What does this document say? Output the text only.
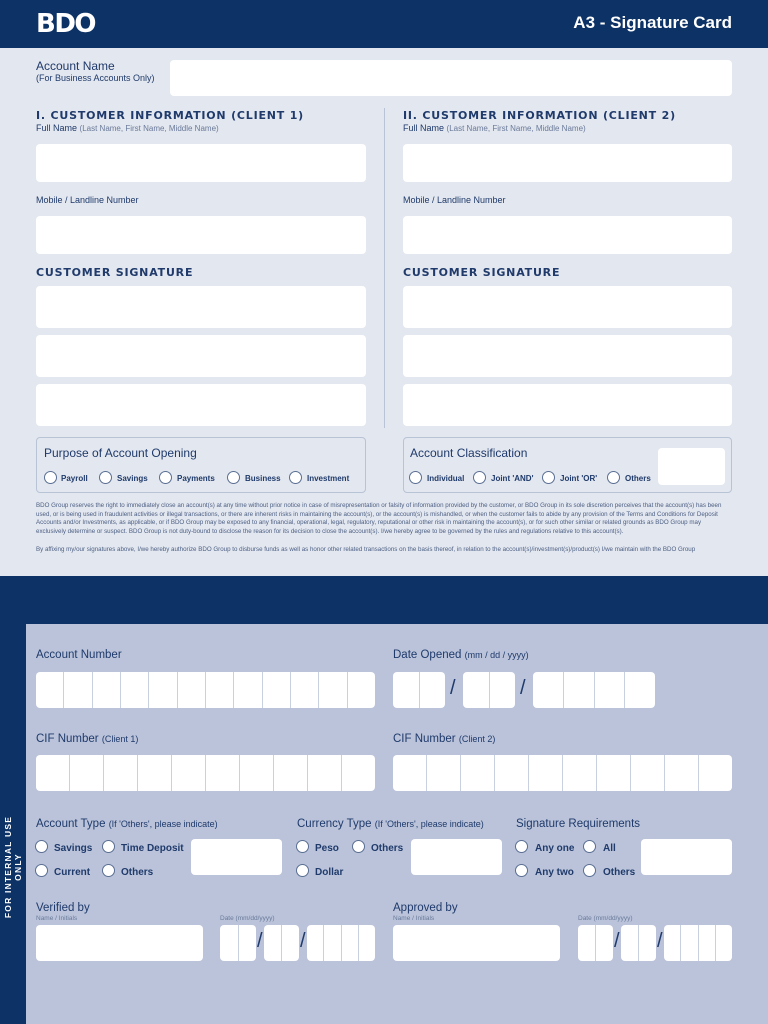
BDO	A3 - Signature Card
Account Name
(For Business Accounts Only)
I. CUSTOMER INFORMATION (CLIENT 1)
Full Name (Last Name, First Name, Middle Name)
Mobile / Landline Number
CUSTOMER SIGNATURE
II. CUSTOMER INFORMATION (CLIENT 2)
Full Name (Last Name, First Name, Middle Name)
Mobile / Landline Number
CUSTOMER SIGNATURE
Purpose of Account Opening
Payroll	Savings	Payments	Business	Investment
Account Classification
Individual	Joint 'AND'	Joint 'OR'	Others
BDO Group reserves the right to immediately close an account(s) at any time without prior notice in case of misrepresentation or falsity of information provided by the customer, or BDO Group in its sole discretion perceives that the account(s) has been used, or is being used in fraudulent activities or illegal transactions, or there are inherent risks in maintaining the account(s), or the account(s) is mishandled, or when the customer fails to abide by any provision of the Terms and Conditions for Deposit Accounts and/or Investments, as applicable, or if BDO Group may be exposed to any financial, operational, legal, regulatory, reputational or other risk in maintaining the account(s), or for such other similar or related grounds as BDO Group may exclusively determine or suspect. BDO Group is not duty-bound to disclose the reason for its decision to close the account(s). I/we hereby agree to be governed by the rules and regulations relative to this account(s).
By affixing my/our signatures above, I/we hereby authorize BDO Group to disburse funds as well as honor other related transactions on the basis thereof, in relation to the account(s)/investment(s)/product(s) I/we maintain with the BDO Group
FOR INTERNAL USE ONLY
Account Number	Date Opened (mm / dd / yyyy)
/	/
CIF Number (Client 1)	CIF Number (Client 2)
Account Type (If 'Others', please indicate)
Savings	Time Deposit
Current	Others
Currency Type (If 'Others', please indicate)
Peso	Others
Dollar
Signature Requirements
Any one	All
Any two	Others
Verified by
Name / Initials	Date (mm/dd/yyyy)
/ /
Approved by
Name / Initials	Date (mm/dd/yyyy)
/ /
